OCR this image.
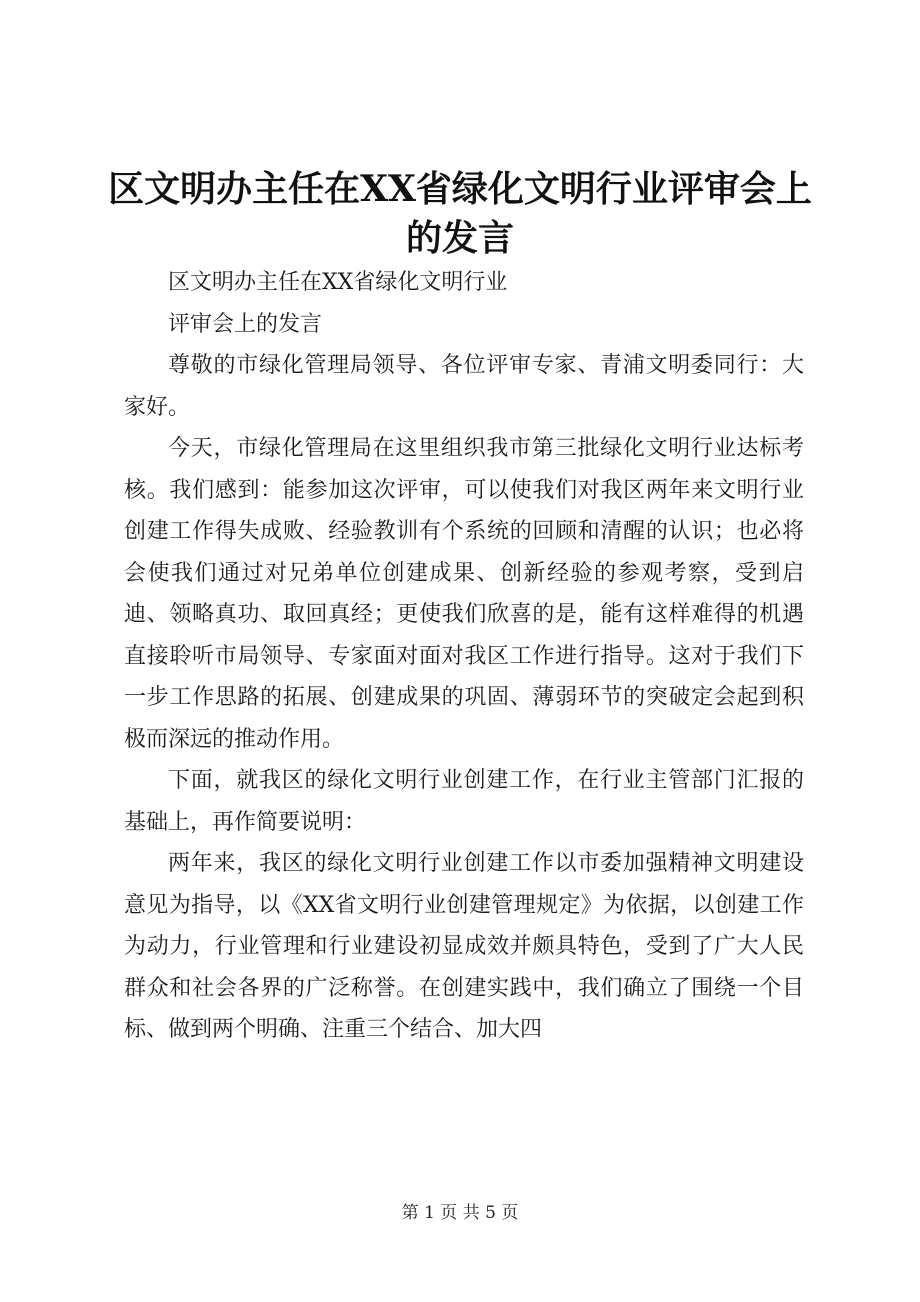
区文明办主任在XX省绿化文明行业评审会上
的发言

区文明办主任在XX省绿化文明行业

评审会上的发言

尊敬的市绿化管理局领导、各位评审专家、青浦文明委同行：大家好。

今天，市绿化管理局在这里组织我市第三批绿化文明行业达标考核。我们感到：能参加这次评审，可以使我们对我区两年来文明行业创建工作得失成败、经验教训有个系统的回顾和清醒的认识；也必将会使我们通过对兄弟单位创建成果、创新经验的参观考察，受到启迪、领略真功、取回真经；更使我们欣喜的是，能有这样难得的机遇直接聆听市局领导、专家面对面对我区工作进行指导。这对于我们下一步工作思路的拓展、创建成果的巩固、薄弱环节的突破定会起到积极而深远的推动作用。

下面，就我区的绿化文明行业创建工作，在行业主管部门汇报的基础上，再作简要说明：

两年来，我区的绿化文明行业创建工作以市委加强精神文明建设意见为指导，以《XX省文明行业创建管理规定》为依据，以创建工作为动力，行业管理和行业建设初显成效并颇具特色，受到了广大人民群众和社会各界的广泛称誉。在创建实践中，我们确立了围绕一个目标、做到两个明确、注重三个结合、加大四

第 1 页 共 5 页
